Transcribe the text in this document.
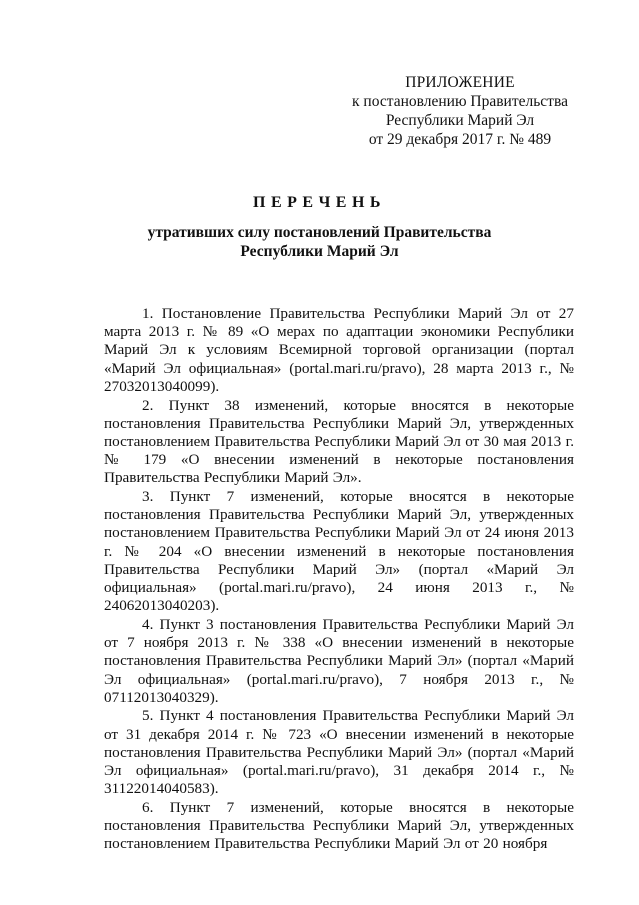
ПРИЛОЖЕНИЕ
к постановлению Правительства
Республики Марий Эл
от 29 декабря 2017 г. № 489
ПЕРЕЧЕНЬ
утративших силу постановлений Правительства
Республики Марий Эл

1. Постановление Правительства Республики Марий Эл от 27 марта 2013 г. № 89 «О мерах по адаптации экономики Республики Марий Эл к условиям Всемирной торговой организации (портал «Марий Эл официальная» (portal.mari.ru/pravo), 28 марта 2013 г., № 27032013040099).

2. Пункт 38 изменений, которые вносятся в некоторые постановления Правительства Республики Марий Эл, утвержденных постановлением Правительства Республики Марий Эл от 30 мая 2013 г. № 179 «О внесении изменений в некоторые постановления Правительства Республики Марий Эл».

3. Пункт 7 изменений, которые вносятся в некоторые постановления Правительства Республики Марий Эл, утвержденных постановлением Правительства Республики Марий Эл от 24 июня 2013 г. № 204 «О внесении изменений в некоторые постановления Правительства Республики Марий Эл» (портал «Марий Эл официальная» (portal.mari.ru/pravo), 24 июня 2013 г., № 24062013040203).

4. Пункт 3 постановления Правительства Республики Марий Эл от 7 ноября 2013 г. № 338 «О внесении изменений в некоторые постановления Правительства Республики Марий Эл» (портал «Марий Эл официальная» (portal.mari.ru/pravo), 7 ноября 2013 г., № 07112013040329).

5. Пункт 4 постановления Правительства Республики Марий Эл от 31 декабря 2014 г. № 723 «О внесении изменений в некоторые постановления Правительства Республики Марий Эл» (портал «Марий Эл официальная» (portal.mari.ru/pravo), 31 декабря 2014 г., № 31122014040583).

6. Пункт 7 изменений, которые вносятся в некоторые постановления Правительства Республики Марий Эл, утвержденных постановлением Правительства Республики Марий Эл от 20 ноября
